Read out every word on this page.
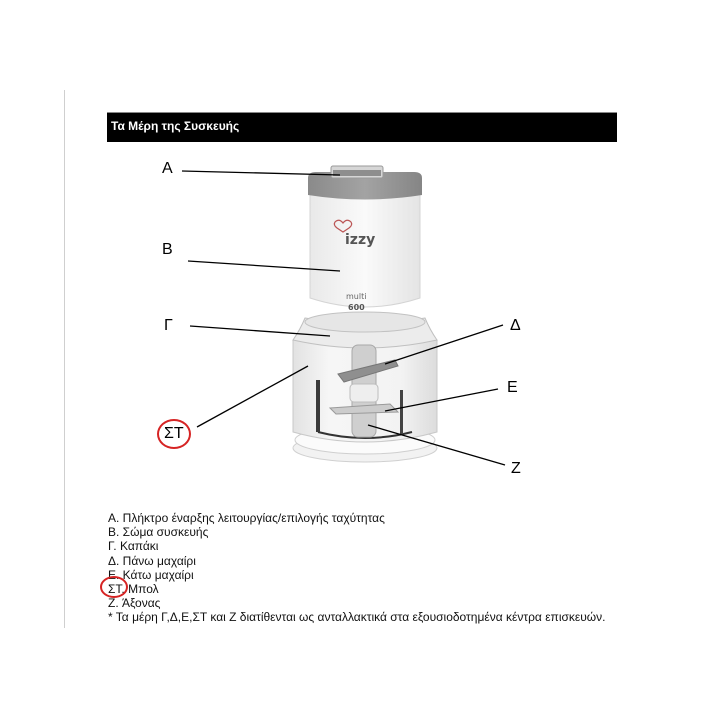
Τα Μέρη της Συσκευής
izzy
multi
600
A
B
Γ	Δ
E
ΣΤ
Z
A. Πλήκτρο έναρξης λειτουργίας/επιλογής ταχύτητας
B. Σώμα συσκευής
Γ. Καπάκι
Δ. Πάνω μαχαίρι
E. Κάτω μαχαίρι
ΣΤ. Μπολ
Z. Άξονας
* Τα μέρη Γ,Δ,Ε,ΣΤ και Ζ διατίθενται ως ανταλλακτικά στα εξουσιοδοτημένα κέντρα επισκευών.
